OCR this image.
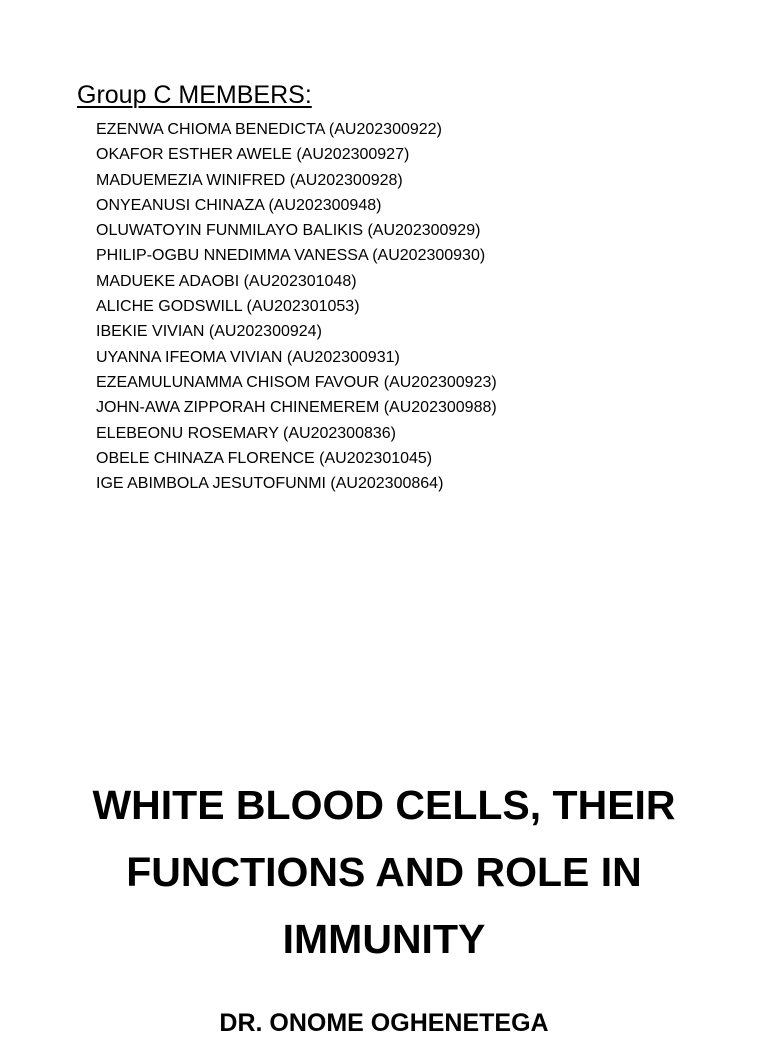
Group C MEMBERS:
EZENWA CHIOMA BENEDICTA (AU202300922)
OKAFOR ESTHER AWELE (AU202300927)
MADUEMEZIA WINIFRED (AU202300928)
ONYEANUSI CHINAZA (AU202300948)
OLUWATOYIN FUNMILAYO BALIKIS (AU202300929)
PHILIP-OGBU NNEDIMMA VANESSA (AU202300930)
MADUEKE ADAOBI (AU202301048)
ALICHE GODSWILL (AU202301053)
IBEKIE VIVIAN (AU202300924)
UYANNA IFEOMA VIVIAN (AU202300931)
EZEAMULUNAMMA CHISOM FAVOUR (AU202300923)
JOHN-AWA ZIPPORAH CHINEMEREM (AU202300988)
ELEBEONU ROSEMARY (AU202300836)
OBELE CHINAZA FLORENCE (AU202301045)
IGE ABIMBOLA JESUTOFUNMI (AU202300864)
WHITE BLOOD CELLS, THEIR
FUNCTIONS AND ROLE IN
IMMUNITY
DR. ONOME OGHENETEGA
